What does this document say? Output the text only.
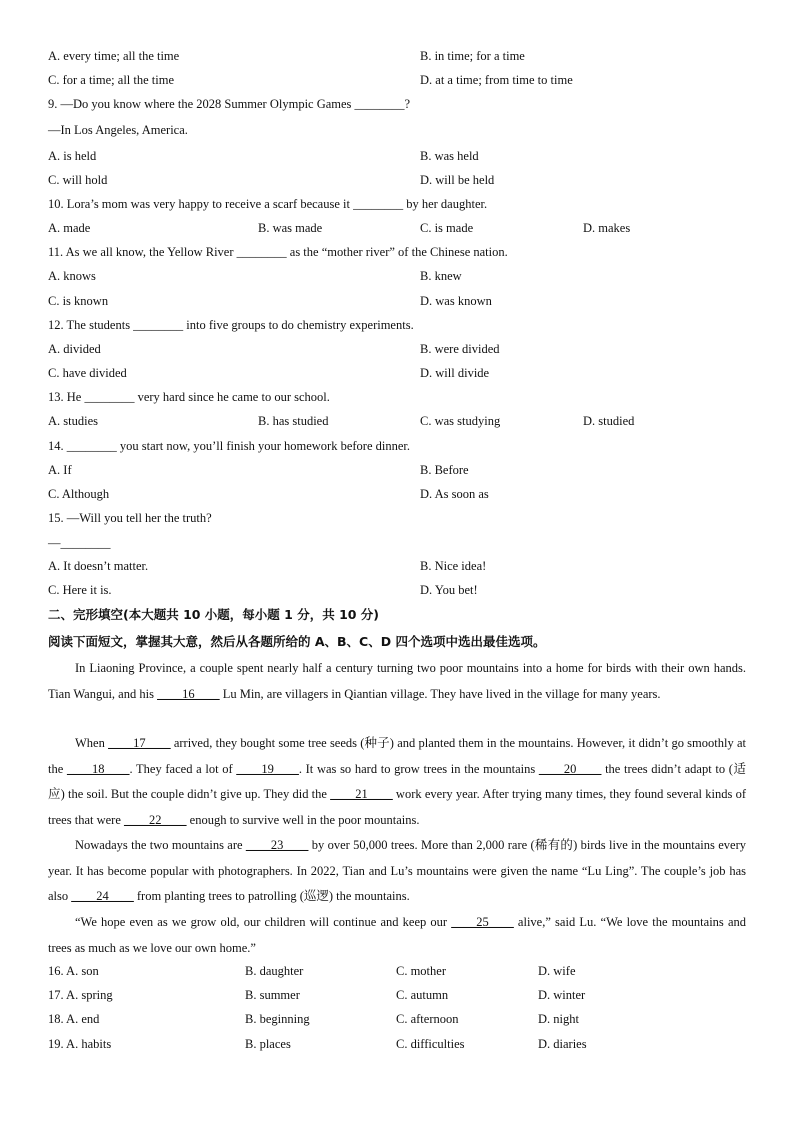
A. every time; all the time	B. in time; for a time
C. for a time; all the time	D. at a time; from time to time
9. —Do you know where the 2028 Summer Olympic Games ________?
—In Los Angeles, America.
A. is held	B. was held
C. will hold	D. will be held
10. Lora’s mom was very happy to receive a scarf because it ________ by her daughter.
A. made	B. was made	C. is made	D. makes
11. As we all know, the Yellow River ________ as the “mother river” of the Chinese nation.
A. knows	B. knew
C. is known	D. was known
12. The students ________ into five groups to do chemistry experiments.
A. divided	B. were divided
C. have divided	D. will divide
13. He ________ very hard since he came to our school.
A. studies	B. has studied	C. was studying	D. studied
14. ________ you start now, you’ll finish your homework before dinner.
A. If	B. Before
C. Although	D. As soon as
15. —Will you tell her the truth?
—________
A. It doesn’t matter.	B. Nice idea!
C. Here it is.	D. You bet!
二、完形填空(本大题共 10 小题，每小题 1 分，共 10 分)
阅读下面短文，掌握其大意，然后从各题所给的 A、B、C、D 四个选项中选出最佳选项。
In Liaoning Province, a couple spent nearly half a century turning two poor mountains into a home for birds with their own hands. Tian Wangui, and his ____16____ Lu Min, are villagers in Qiantian village. They have lived in the village for many years.
When ____17____ arrived, they bought some tree seeds (种子) and planted them in the mountains. However, it didn’t go smoothly at the ____18____. They faced a lot of ____19____. It was so hard to grow trees in the mountains ____20____ the trees didn’t adapt to (适应) the soil. But the couple didn’t give up. They did the ____21____ work every year. After trying many times, they found several kinds of trees that were ____22____ enough to survive well in the poor mountains.
Nowadays the two mountains are ____23____ by over 50,000 trees. More than 2,000 rare (稀有的) birds live in the mountains every year. It has become popular with photographers. In 2022, Tian and Lu’s mountains were given the name “Lu Ling”. The couple’s job has also ____24____ from planting trees to patrolling (巡逻) the mountains.
“We hope even as we grow old, our children will continue and keep our ____25____ alive,” said Lu. “We love the mountains and trees as much as we love our own home.”
16. A. son	B. daughter	C. mother	D. wife
17. A. spring	B. summer	C. autumn	D. winter
18. A. end	B. beginning	C. afternoon	D. night
19. A. habits	B. places	C. difficulties	D. diaries
